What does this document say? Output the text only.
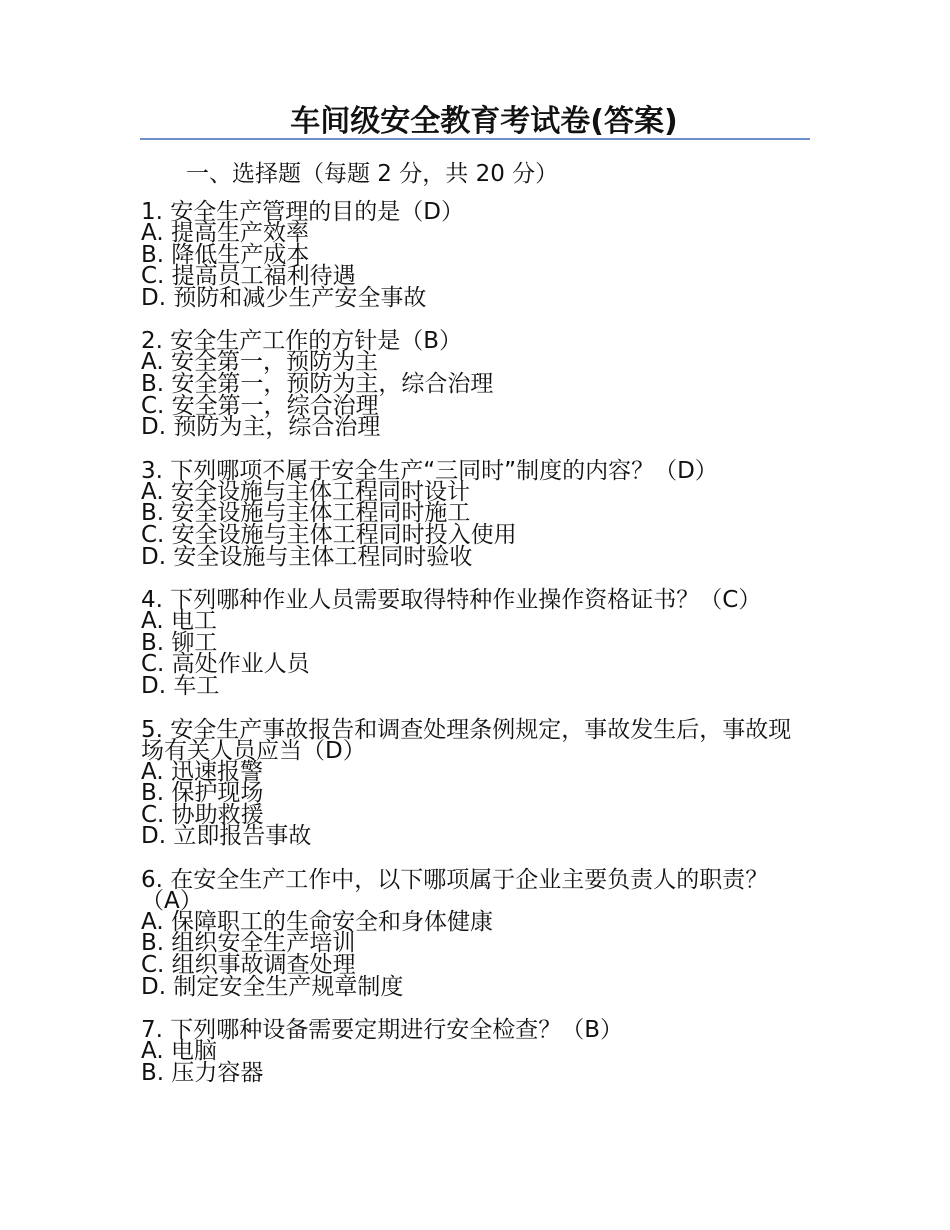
车间级安全教育考试卷(答案)
一、选择题（每题 2 分，共 20 分）

1. 安全生产管理的目的是（D）

A. 提高生产效率

B. 降低生产成本

C. 提高员工福利待遇

D. 预防和减少生产安全事故

2. 安全生产工作的方针是（B）

A. 安全第一，预防为主

B. 安全第一，预防为主，综合治理

C. 安全第一，综合治理

D. 预防为主，综合治理

3. 下列哪项不属于安全生产“三同时”制度的内容？（D）

A. 安全设施与主体工程同时设计

B. 安全设施与主体工程同时施工

C. 安全设施与主体工程同时投入使用

D. 安全设施与主体工程同时验收

4. 下列哪种作业人员需要取得特种作业操作资格证书？（C）

A. 电工

B. 铆工

C. 高处作业人员

D. 车工

5. 安全生产事故报告和调查处理条例规定，事故发生后，事故现场有关人员应当（D）

A. 迅速报警

B. 保护现场

C. 协助救援

D. 立即报告事故

6. 在安全生产工作中，以下哪项属于企业主要负责人的职责？（A）

A. 保障职工的生命安全和身体健康

B. 组织安全生产培训

C. 组织事故调查处理

D. 制定安全生产规章制度

7. 下列哪种设备需要定期进行安全检查？（B）

A. 电脑

B. 压力容器
